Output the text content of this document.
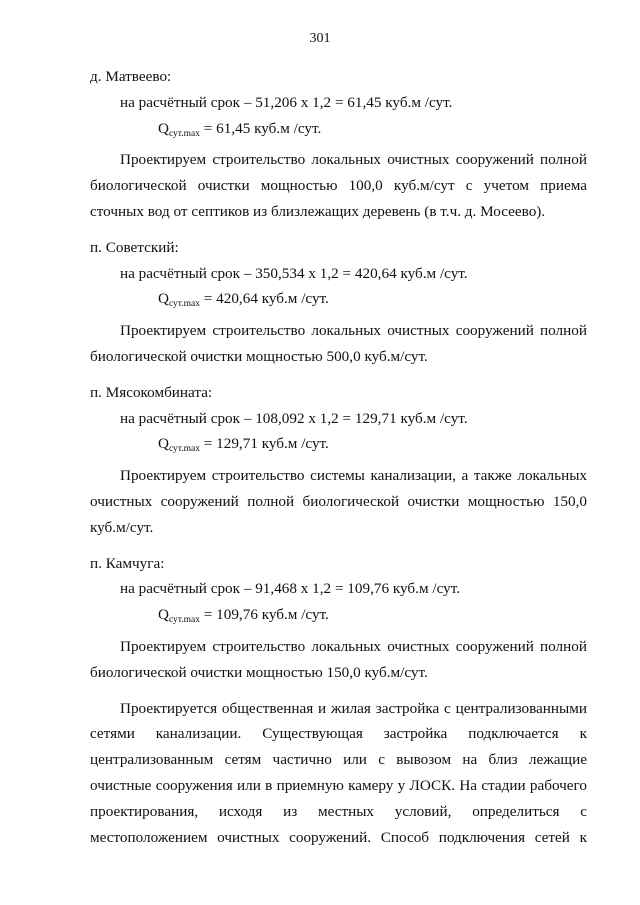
301
д. Матвеево:
на расчётный срок – 51,206 х 1,2 = 61,45 куб.м /сут.
$Q_{сут.max} = 61,45$ куб.м /сут.
Проектируем строительство локальных очистных сооружений полной биологической очистки мощностью 100,0 куб.м/сут с учетом приема сточных вод от септиков из близлежащих деревень (в т.ч. д. Мосеево).
п. Советский:
на расчётный срок – 350,534 х 1,2 = 420,64 куб.м /сут.
$Q_{сут.max} = 420,64$ куб.м /сут.
Проектируем строительство локальных очистных сооружений полной биологической очистки мощностью 500,0 куб.м/сут.
п. Мясокомбината:
на расчётный срок – 108,092 х 1,2 = 129,71 куб.м /сут.
$Q_{сут.max} = 129,71$ куб.м /сут.
Проектируем строительство системы канализации, а также локальных очистных сооружений полной биологической очистки мощностью 150,0 куб.м/сут.
п. Камчуга:
на расчётный срок – 91,468 х 1,2 = 109,76 куб.м /сут.
$Q_{сут.max} = 109,76$ куб.м /сут.
Проектируем строительство локальных очистных сооружений полной биологической очистки мощностью 150,0 куб.м/сут.
Проектируется общественная и жилая застройка с централизованными сетями канализации. Существующая застройка подключается к централизованным сетям частично или с вывозом на близ лежащие очистные сооружения или в приемную камеру у ЛОСК. На стадии рабочего проектирования, исходя из местных условий, определиться с местоположением очистных сооружений. Способ подключения сетей к
